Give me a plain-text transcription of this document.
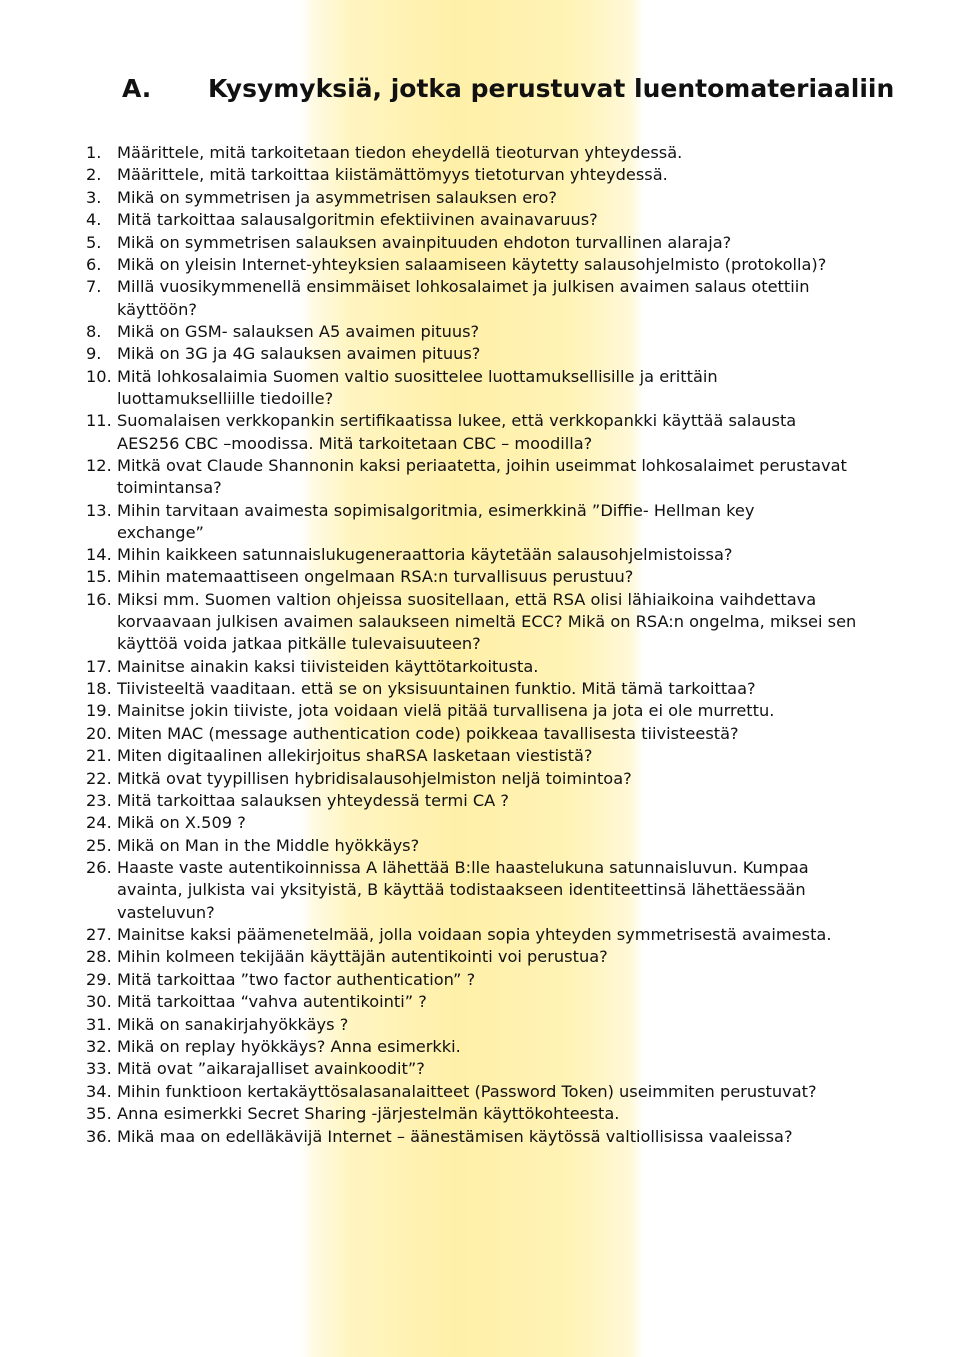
A. Kysymyksiä, jotka perustuvat luentomateriaaliin
1. Määrittele, mitä tarkoitetaan tiedon eheydellä tieoturvan yhteydessä.
2. Määrittele, mitä tarkoittaa kiistämättömyys tietoturvan yhteydessä.
3. Mikä on symmetrisen ja asymmetrisen salauksen ero?
4. Mitä tarkoittaa salausalgoritmin efektiivinen avainavaruus?
5. Mikä on symmetrisen salauksen avainpituuden ehdoton turvallinen alaraja?
6. Mikä on yleisin Internet-yhteyksien salaamiseen käytetty salausohjelmisto (protokolla)?
7. Millä vuosikymmenellä ensimmäiset lohkosalaimet ja julkisen avaimen salaus otettiin
käyttöön?
8. Mikä on GSM- salauksen A5 avaimen pituus?
9. Mikä on 3G ja 4G salauksen avaimen pituus?
10. Mitä lohkosalaimia Suomen valtio suosittelee luottamuksellisille ja erittäin
luottamukselliille tiedoille?
11. Suomalaisen verkkopankin sertifikaatissa lukee, että verkkopankki käyttää salausta
AES256 CBC –moodissa. Mitä tarkoitetaan CBC – moodilla?
12. Mitkä ovat Claude Shannonin kaksi periaatetta, joihin useimmat lohkosalaimet perustavat
toimintansa?
13. Mihin tarvitaan avaimesta sopimisalgoritmia, esimerkkinä ”Diffie- Hellman key
exchange”
14. Mihin kaikkeen satunnaislukugeneraattoria käytetään salausohjelmistoissa?
15. Mihin matemaattiseen ongelmaan RSA:n turvallisuus perustuu?
16. Miksi mm. Suomen valtion ohjeissa suositellaan, että RSA olisi lähiaikoina vaihdettava
korvaavaan julkisen avaimen salaukseen nimeltä ECC? Mikä on RSA:n ongelma, miksei sen
käyttöä voida jatkaa pitkälle tulevaisuuteen?
17. Mainitse ainakin kaksi tiivisteiden käyttötarkoitusta.
18. Tiivisteeltä vaaditaan. että se on yksisuuntainen funktio. Mitä tämä tarkoittaa?
19. Mainitse jokin tiiviste, jota voidaan vielä pitää turvallisena ja jota ei ole murrettu.
20. Miten MAC (message authentication code) poikkeaa tavallisesta tiivisteestä?
21. Miten digitaalinen allekirjoitus shaRSA lasketaan viestistä?
22. Mitkä ovat tyypillisen hybridisalausohjelmiston neljä toimintoa?
23. Mitä tarkoittaa salauksen yhteydessä termi CA ?
24. Mikä on X.509 ?
25. Mikä on Man in the Middle hyökkäys?
26. Haaste vaste autentikoinnissa A lähettää B:lle haastelukuna satunnaisluvun. Kumpaa
avainta, julkista vai yksityistä, B käyttää todistaakseen identiteettinsä lähettäessään
vasteluvun?
27. Mainitse kaksi päämenetelmää, jolla voidaan sopia yhteyden symmetrisestä avaimesta.
28. Mihin kolmeen tekijään käyttäjän autentikointi voi perustua?
29. Mitä tarkoittaa ”two factor authentication” ?
30. Mitä tarkoittaa “vahva autentikointi” ?
31. Mikä on sanakirjahyökkäys ?
32. Mikä on replay hyökkäys? Anna esimerkki.
33. Mitä ovat ”aikarajalliset avainkoodit”?
34. Mihin funktioon kertakäyttösalasanalaitteet (Password Token) useimmiten perustuvat?
35. Anna esimerkki Secret Sharing -järjestelmän käyttökohteesta.
36. Mikä maa on edelläkävijä Internet – äänestämisen käytössä valtiollisissa vaaleissa?
